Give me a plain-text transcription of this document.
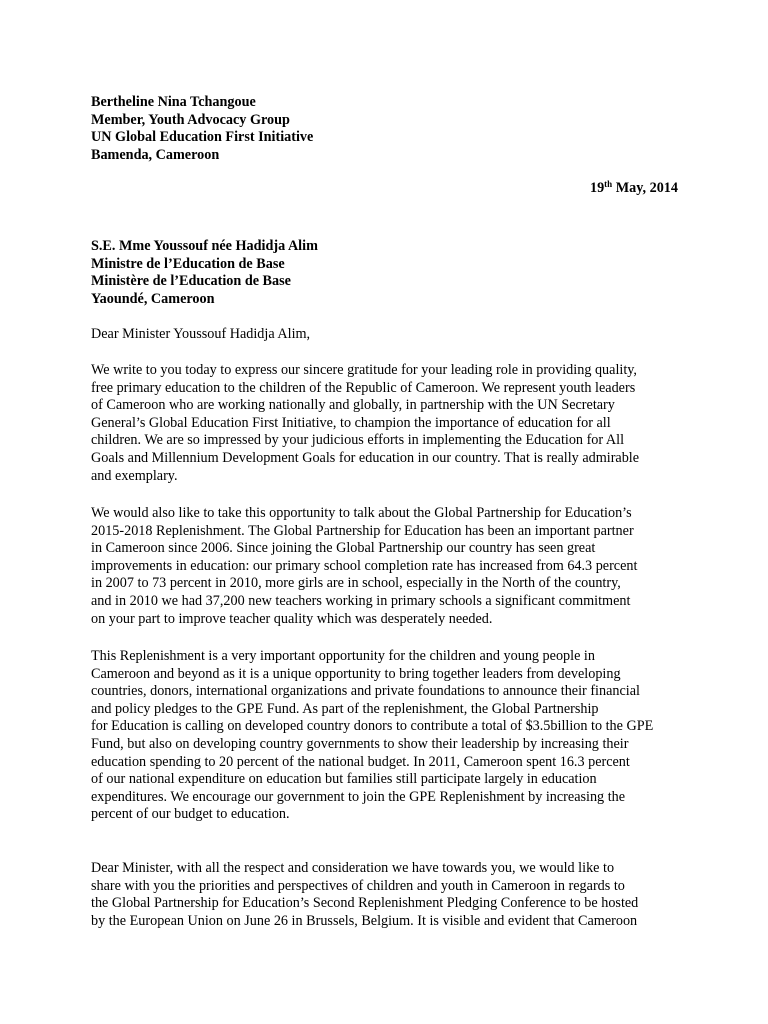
Bertheline Nina Tchangoue
Member, Youth Advocacy Group
UN Global Education First Initiative
Bamenda, Cameroon
19th May, 2014
S.E. Mme Youssouf née Hadidja Alim
Ministre de l’Education de Base
Ministère de l’Education de Base
Yaoundé, Cameroon
Dear Minister Youssouf Hadidja Alim,
We write to you today to express our sincere gratitude for your leading role in providing quality,
free primary education to the children of the Republic of Cameroon. We represent youth leaders
of Cameroon who are working nationally and globally, in partnership with the UN Secretary
General’s Global Education First Initiative, to champion the importance of education for all
children. We are so impressed by your judicious efforts in implementing the Education for All
Goals and Millennium Development Goals for education in our country. That is really admirable
and exemplary.
We would also like to take this opportunity to talk about the Global Partnership for Education’s
2015-2018 Replenishment. The Global Partnership for Education has been an important partner
in Cameroon since 2006. Since joining the Global Partnership our country has seen great
improvements in education: our primary school completion rate has increased from 64.3 percent
in 2007 to 73 percent in 2010, more girls are in school, especially in the North of the country,
and in 2010 we had 37,200 new teachers working in primary schools a significant commitment
on your part to improve teacher quality which was desperately needed.
This Replenishment is a very important opportunity for the children and young people in
Cameroon and beyond as it is a unique opportunity to bring together leaders from developing
countries, donors, international organizations and private foundations to announce their financial
and policy pledges to the GPE Fund. As part of the replenishment, the Global Partnership
for Education is calling on developed country donors to contribute a total of $3.5billion to the GPE
Fund, but also on developing country governments to show their leadership by increasing their
education spending to 20 percent of the national budget. In 2011, Cameroon spent 16.3 percent
of our national expenditure on education but families still participate largely in education
expenditures. We encourage our government to join the GPE Replenishment by increasing the
percent of our budget to education.
Dear Minister, with all the respect and consideration we have towards you, we would like to
share with you the priorities and perspectives of children and youth in Cameroon in regards to
the Global Partnership for Education’s Second Replenishment Pledging Conference to be hosted
by the European Union on June 26 in Brussels, Belgium. It is visible and evident that Cameroon
